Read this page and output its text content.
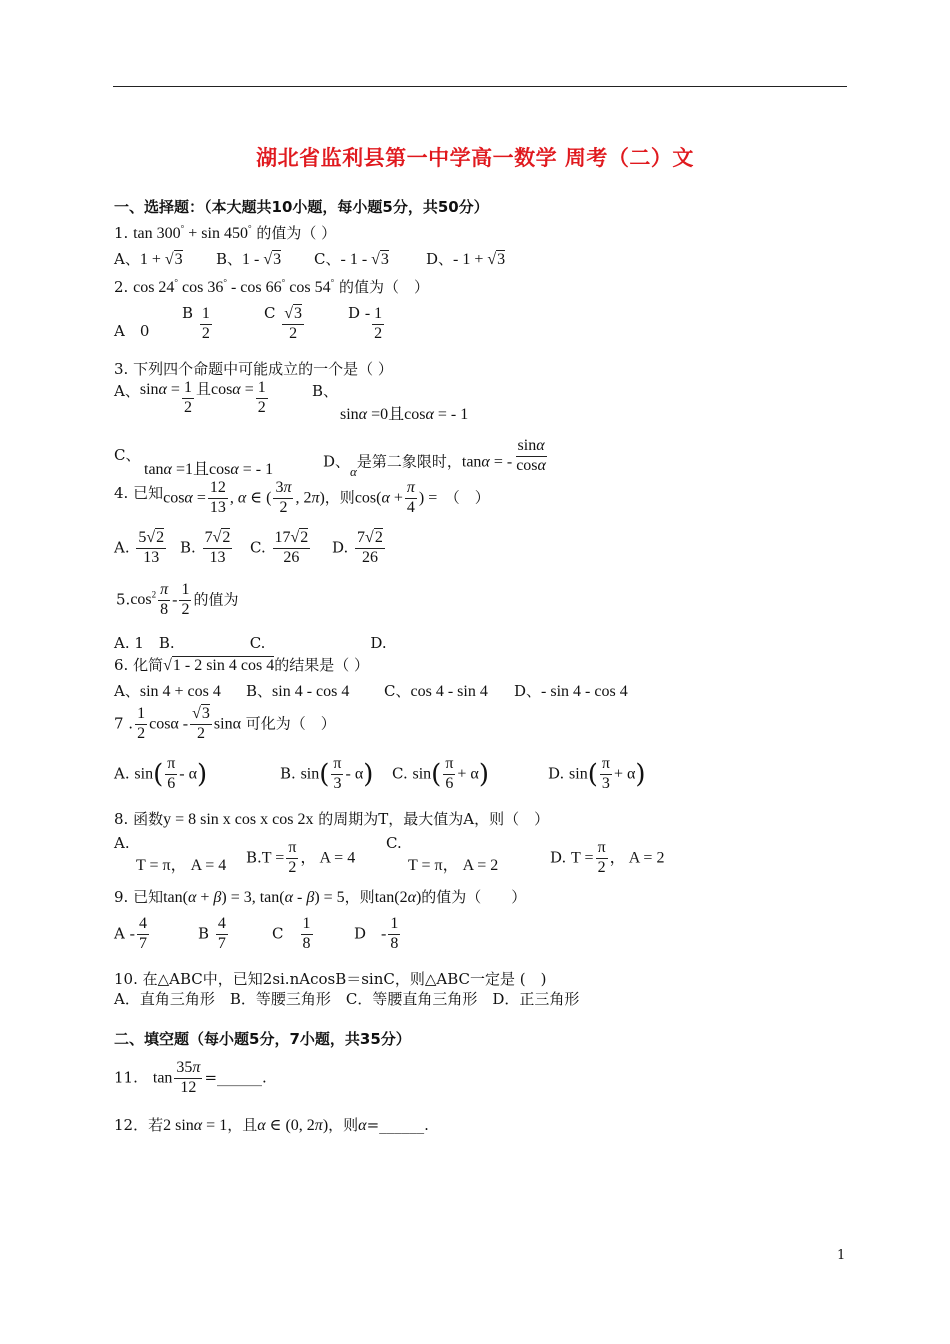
湖北省监利县第一中学高一数学 周考（二）文
一、选择题：（本大题共10小题，每小题5分，共50分）
1. tan 300° + sin 450° 的值为（ ）
A、1 + √3 B、1 - √3 C、- 1 - √3 D、- 1 + √3
2. cos 24° cos 36° - cos 66° cos 54° 的值为（　）
A　0
B $\frac{1}{2}$	C $\frac{√3}{2}$	D - $\frac{1}{2}$
3. 下列四个命题中可能成立的一个是（ ）
A、$\sin\alpha = \frac{1}{2}$ 且$\cos\alpha = \frac{1}{2}$	B、
sinα =0且cosα = - 1
C、
tanα =1且cosα = - 1	D、α是第二象限时，tanα = - $\frac{\sin\alpha}{\cos\alpha}$
4. 已知$\cos\alpha = \frac{12}{13}$ , α ∈ ( $\frac{3\pi}{2}$ , 2π)，则$\cos(\alpha + \frac{\pi}{4}$ ) =　 （　）
A. $\frac{5√2}{13} B$. $\frac{7√2}{13} C$. $\frac{17√2}{26} D$. $\frac{7√2}{26}$
$5.\cos^2 \frac{\pi}{8} - \frac{1}{2}$ 的值为
A. 1　B.　　　　　C.　　　　　　　D.
6. 化简√1 - 2 sin 4 cos 4的结果是（ ）
A、sin 4 + cos 4 B、sin 4 - cos 4 C、cos 4 - sin 4 D、- sin 4 - cos 4
7 . $\frac{1}{2}$ cosα - $\frac{√3}{2}$ sinα 可化为（　）
A. $\sin( \frac{\pi}{6} - \alpha)$	B. $\sin( \frac{\pi}{3} - \alpha)$ C. $\sin( \frac{\pi}{6} + \alpha)$	D. $\sin( \frac{\pi}{3} + \alpha)$
8. 函数y = 8 sin x cos x cos 2x 的周期为T，最大值为A，则（　）
A.
T = π， A = 4 $B.T = \frac{\pi}{2}$ ， A = 4
C.
T = π， A = 2	D. $T = \frac{\pi}{2}$ ， A = 2
9. 已知tan(α + β) = 3, tan(α - β) = 5，则tan(2α)的值为（　　）
A - $\frac{4}{7}$	B $\frac{4}{7}$	C　 $\frac{1}{8}$	D　 - $\frac{1}{8}$
10. 在△ABC中，已知2si.nAcosB＝sinC，则△ABC一定是 (　)
A．直角三角形　B．等腰三角形　C．等腰直角三角形　D．正三角形
二、填空题（每小题5分，7小题，共35分）
11.　 $\tan \frac{35\pi}{12}$ =______.
12．若2 sinα = 1，且α ∈ (0, 2π)，则α=______.
1
